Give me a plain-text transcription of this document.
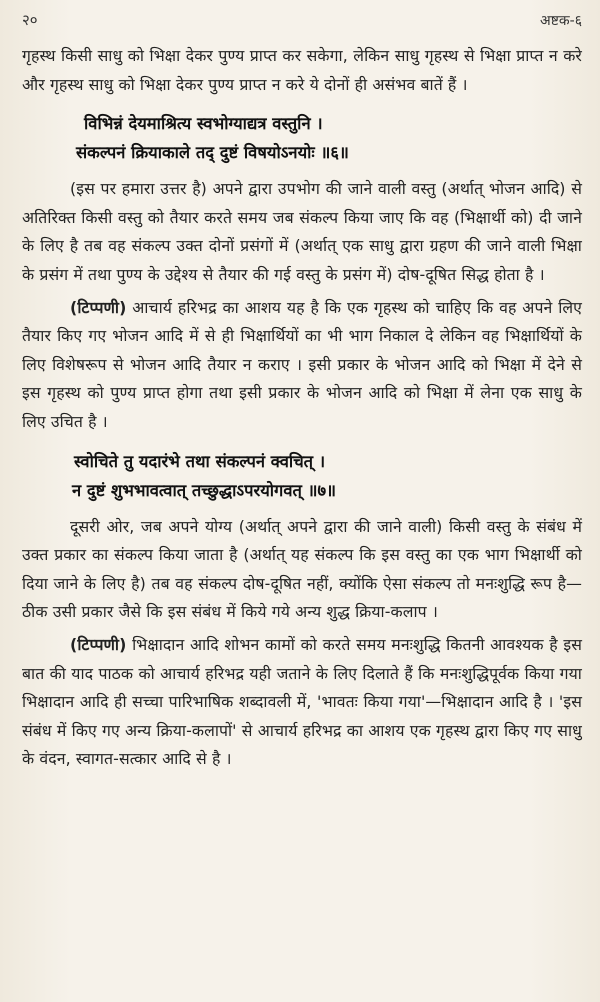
२०	अष्टक-६

गृहस्थ किसी साधु को भिक्षा देकर पुण्य प्राप्त कर सकेगा, लेकिन साधु गृहस्थ से भिक्षा प्राप्त न करे और गृहस्थ साधु को भिक्षा देकर पुण्य प्राप्त न करे ये दोनों ही असंभव बातें हैं ।

विभिन्नं देयमाश्रित्य स्वभोग्याद्यत्र वस्तुनि ।
संकल्पनं क्रियाकाले तद् दुष्टं विषयोऽनयोः ॥६॥

(इस पर हमारा उत्तर है) अपने द्वारा उपभोग की जाने वाली वस्तु (अर्थात् भोजन आदि) से अतिरिक्त किसी वस्तु को तैयार करते समय जब संकल्प किया जाए कि वह (भिक्षार्थी को) दी जाने के लिए है तब वह संकल्प उक्त दोनों प्रसंगों में (अर्थात् एक साधु द्वारा ग्रहण की जाने वाली भिक्षा के प्रसंग में तथा पुण्य के उद्देश्य से तैयार की गई वस्तु के प्रसंग में) दोष-दूषित सिद्ध होता है ।

(टिप्पणी) आचार्य हरिभद्र का आशय यह है कि एक गृहस्थ को चाहिए कि वह अपने लिए तैयार किए गए भोजन आदि में से ही भिक्षार्थियों का भी भाग निकाल दे लेकिन वह भिक्षार्थियों के लिए विशेषरूप से भोजन आदि तैयार न कराए । इसी प्रकार के भोजन आदि को भिक्षा में देने से इस गृहस्थ को पुण्य प्राप्त होगा तथा इसी प्रकार के भोजन आदि को भिक्षा में लेना एक साधु के लिए उचित है ।

स्वोचिते तु यदारंभे तथा संकल्पनं क्वचित् ।
न दुष्टं शुभभावत्वात् तच्छुद्धाऽपरयोगवत् ॥७॥

दूसरी ओर, जब अपने योग्य (अर्थात् अपने द्वारा की जाने वाली) किसी वस्तु के संबंध में उक्त प्रकार का संकल्प किया जाता है (अर्थात् यह संकल्प कि इस वस्तु का एक भाग भिक्षार्थी को दिया जाने के लिए है) तब वह संकल्प दोष-दूषित नहीं, क्योंकि ऐसा संकल्प तो मनःशुद्धि रूप है—ठीक उसी प्रकार जैसे कि इस संबंध में किये गये अन्य शुद्ध क्रिया-कलाप ।

(टिप्पणी) भिक्षादान आदि शोभन कामों को करते समय मनःशुद्धि कितनी आवश्यक है इस बात की याद पाठक को आचार्य हरिभद्र यही जताने के लिए दिलाते हैं कि मनःशुद्धिपूर्वक किया गया भिक्षादान आदि ही सच्चा पारिभाषिक शब्दावली में, 'भावतः किया गया'—भिक्षादान आदि है । 'इस संबंध में किए गए अन्य क्रिया-कलापों' से आचार्य हरिभद्र का आशय एक गृहस्थ द्वारा किए गए साधु के वंदन, स्वागत-सत्कार आदि से है ।
